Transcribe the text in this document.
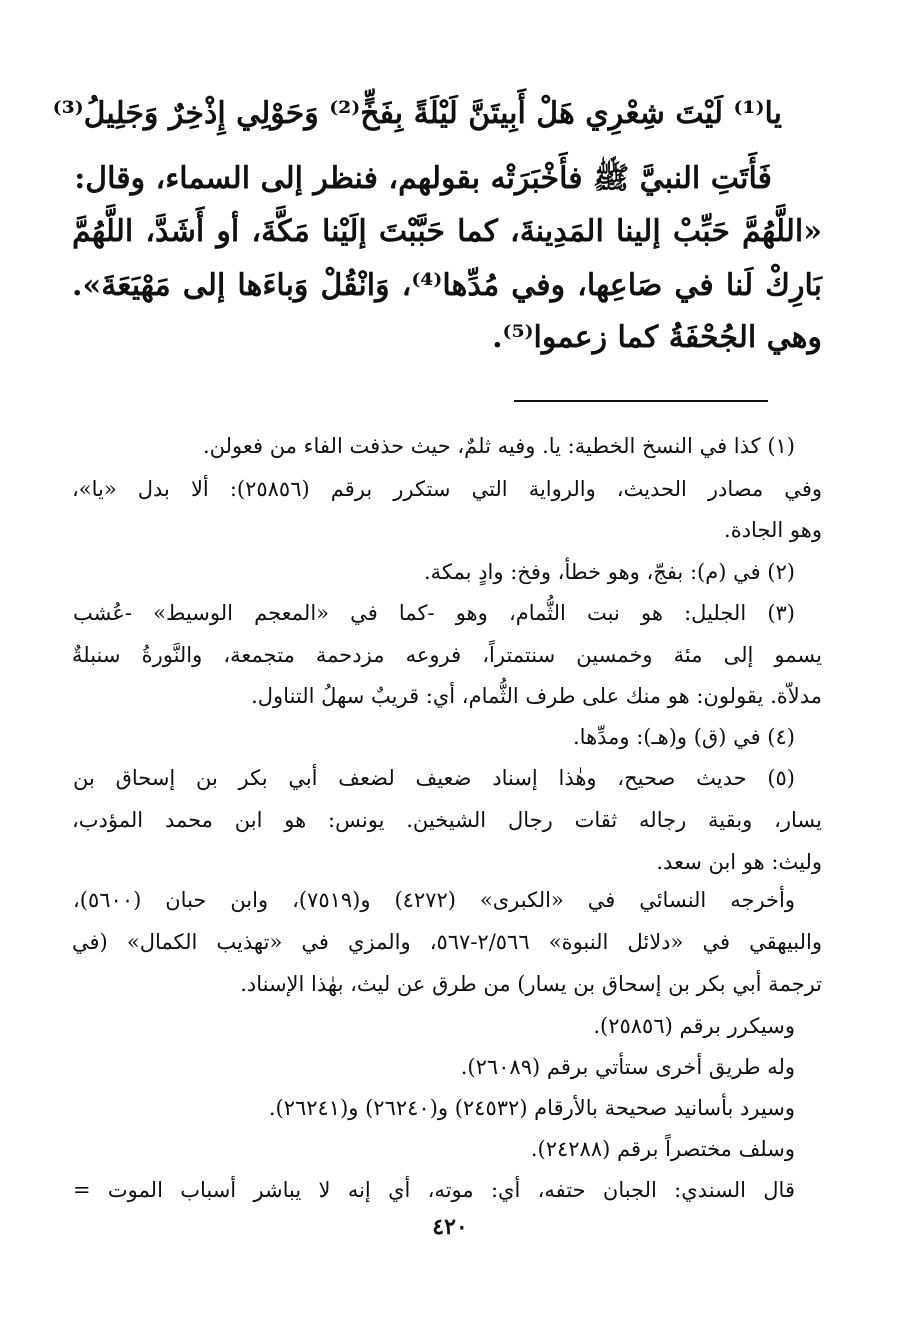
يا⁽¹⁾ لَيْتَ شِعْرِي هَلْ أَبِيتَنَّ لَيْلَةً بِفَخٍّ⁽²⁾ وَحَوْلِي إِذْخِرٌ وَجَلِيلُ⁽³⁾
فَأَتَتِ النبيَّ ﷺ فأَخْبَرَتْه بقولهم، فنظر إلى السماء، وقال:
«اللَّهُمَّ حَبِّبْ إلينا المَدِينةَ، كما حَبَّبْتَ إلَيْنا مَكَّةَ، أو أَشَدَّ، اللَّهُمَّ
بَارِكْ لَنا في صَاعِها، وفي مُدِّها⁽⁴⁾، وَانْقُلْ وَباءَها إلى مَهْيَعَةَ».
وهي الجُحْفَةُ كما زعموا⁽⁵⁾.
(١) كذا في النسخ الخطية: يا. وفيه ثلمٌ، حيث حذفت الفاء من فعولن.
وفي مصادر الحديث، والرواية التي ستكرر برقم (٢٥٨٥٦): ألا بدل «يا»،
وهو الجادة.
(٢) في (م): بفجّ، وهو خطأ، وفخ: وادٍ بمكة.
(٣) الجليل: هو نبت الثُّمام، وهو -كما في «المعجم الوسيط» -عُشب
يسمو إلى مئة وخمسين سنتمتراً، فروعه مزدحمة متجمعة، والنَّورةُ سنبلةٌ
مدلاّة. يقولون: هو منك على طرف الثُّمام، أي: قريبٌ سهلُ التناول.
(٤) في (ق) و(هـ): ومدِّها.
(٥) حديث صحيح، وهٰذا إسناد ضعيف لضعف أبي بكر بن إسحاق بن
يسار، وبقية رجاله ثقات رجال الشيخين. يونس: هو ابن محمد المؤدب،
وليث: هو ابن سعد.
وأخرجه النسائي في «الكبرى» (٤٢٧٢) و(٧٥١٩)، وابن حبان (٥٦٠٠)،
والبيهقي في «دلائل النبوة» ٢/٥٦٦-٥٦٧، والمزي في «تهذيب الكمال» (في
ترجمة أبي بكر بن إسحاق بن يسار) من طرق عن ليث، بهٰذا الإسناد.
وسيكرر برقم (٢٥٨٥٦).
وله طريق أخرى ستأتي برقم (٢٦٠٨٩).
وسيرد بأسانيد صحيحة بالأرقام (٢٤٥٣٢) و(٢٦٢٤٠) و(٢٦٢٤١).
وسلف مختصراً برقم (٢٤٢٨٨).
قال السندي: الجبان حتفه، أي: موته، أي إنه لا يباشر أسباب الموت =
٤٢٠
